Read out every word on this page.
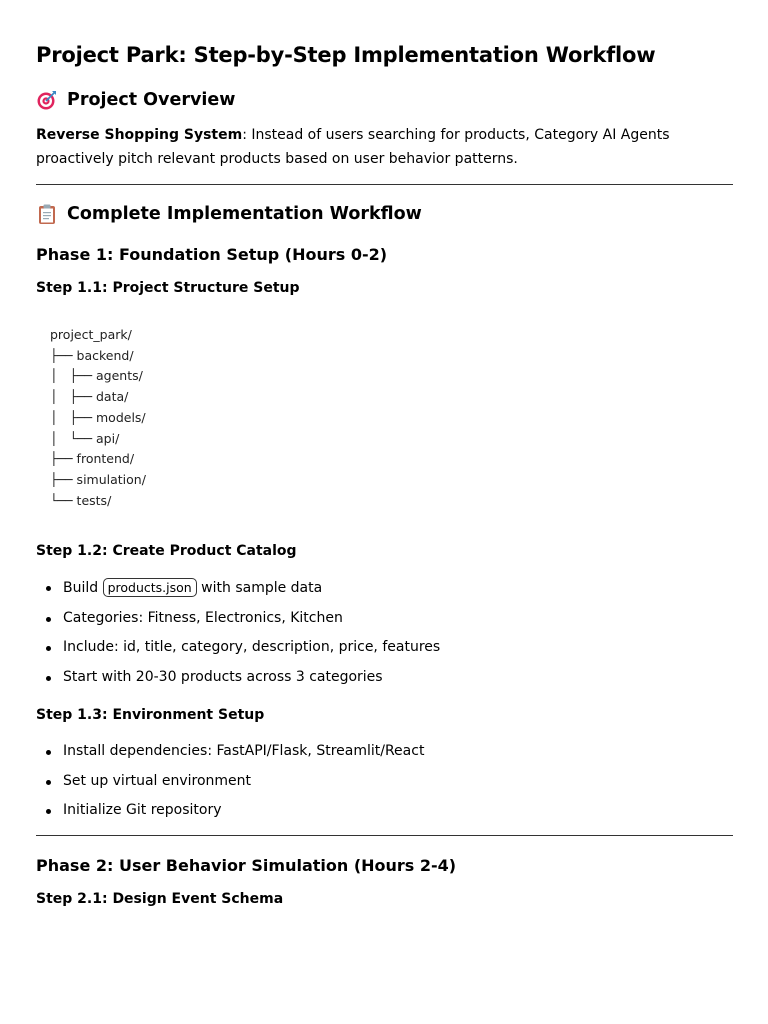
Project Park: Step-by-Step Implementation Workflow
Project Overview

Reverse Shopping System: Instead of users searching for products, Category AI Agents proactively pitch relevant products based on user behavior patterns.

Complete Implementation Workflow
Phase 1: Foundation Setup (Hours 0-2)
Step 1.1: Project Structure Setup
project_park/
├── backend/
│   ├── agents/
│   ├── data/
│   ├── models/
│   └── api/
├── frontend/
├── simulation/
└── tests/
Step 1.2: Create Product Catalog
Build products.json with sample data
Categories: Fitness, Electronics, Kitchen
Include: id, title, category, description, price, features
Start with 20-30 products across 3 categories
Step 1.3: Environment Setup
Install dependencies: FastAPI/Flask, Streamlit/React
Set up virtual environment
Initialize Git repository
Phase 2: User Behavior Simulation (Hours 2-4)
Step 2.1: Design Event Schema
